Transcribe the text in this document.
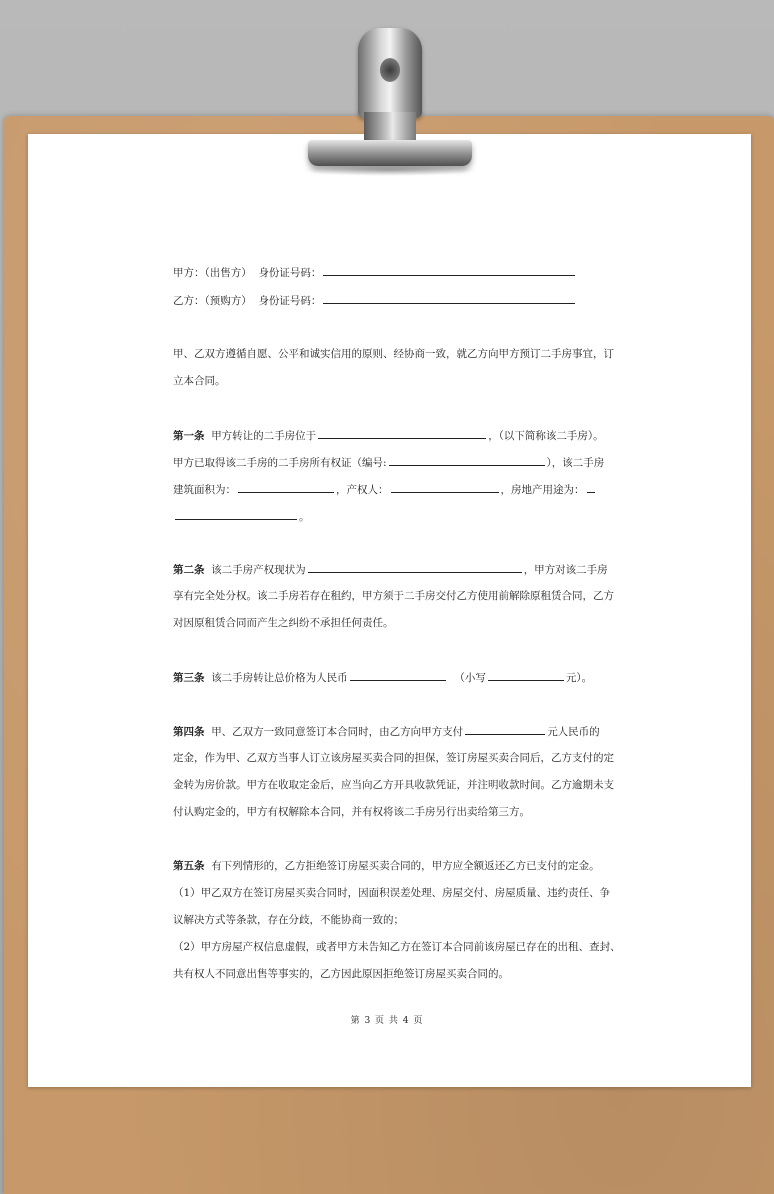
甲方：（出售方） 身份证号码：
乙方：（预购方） 身份证号码：
甲、乙双方遵循自愿、公平和诚实信用的原则、经协商一致，就乙方向甲方预订二手房事宜，订
立本合同。
第一条 甲方转让的二手房位于	，（以下简称该二手房）。
甲方已取得该二手房的二手房所有权证（编号:	），该二手房
建筑面积为：	，产权人：	，房地产用途为：
。
第二条 该二手房产权现状为	，甲方对该二手房
享有完全处分权。该二手房若存在租约，甲方须于二手房交付乙方使用前解除原租赁合同，乙方
对因原租赁合同而产生之纠纷不承担任何责任。
第三条 该二手房转让总价格为人民币	（小写	元）。
第四条 甲、乙双方一致同意签订本合同时，由乙方向甲方支付	元人民币的
定金，作为甲、乙双方当事人订立该房屋买卖合同的担保，签订房屋买卖合同后，乙方支付的定
金转为房价款。甲方在收取定金后，应当向乙方开具收款凭证，并注明收款时间。乙方逾期未支
付认购定金的，甲方有权解除本合同，并有权将该二手房另行出卖给第三方。
第五条 有下列情形的，乙方拒绝签订房屋买卖合同的，甲方应全额返还乙方已支付的定金。
（1）甲乙双方在签订房屋买卖合同时，因面积误差处理、房屋交付、房屋质量、违约责任、争
议解决方式等条款，存在分歧，不能协商一致的；
（2）甲方房屋产权信息虚假，或者甲方未告知乙方在签订本合同前该房屋已存在的出租、查封、
共有权人不同意出售等事实的，乙方因此原因拒绝签订房屋买卖合同的。
第 3 页 共 4 页
